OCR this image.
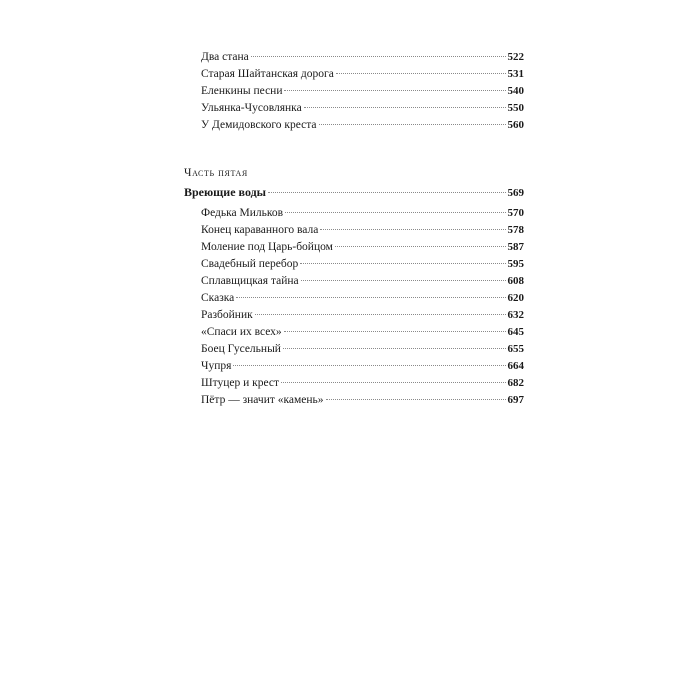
Два стана	522
Старая Шайтанская дорога	531
Еленкины песни	540
Ульянка-Чусовлянка	550
У Демидовского креста	560
Часть пятая
Вреющие воды	569
Федька Мильков	570
Конец караванного вала	578
Моление под Царь-бойцом	587
Свадебный перебор	595
Сплавщицкая тайна	608
Сказка	620
Разбойник	632
«Спаси их всех»	645
Боец Гусельный	655
Чупря	664
Штуцер и крест	682
Пётр — значит «камень»	697
